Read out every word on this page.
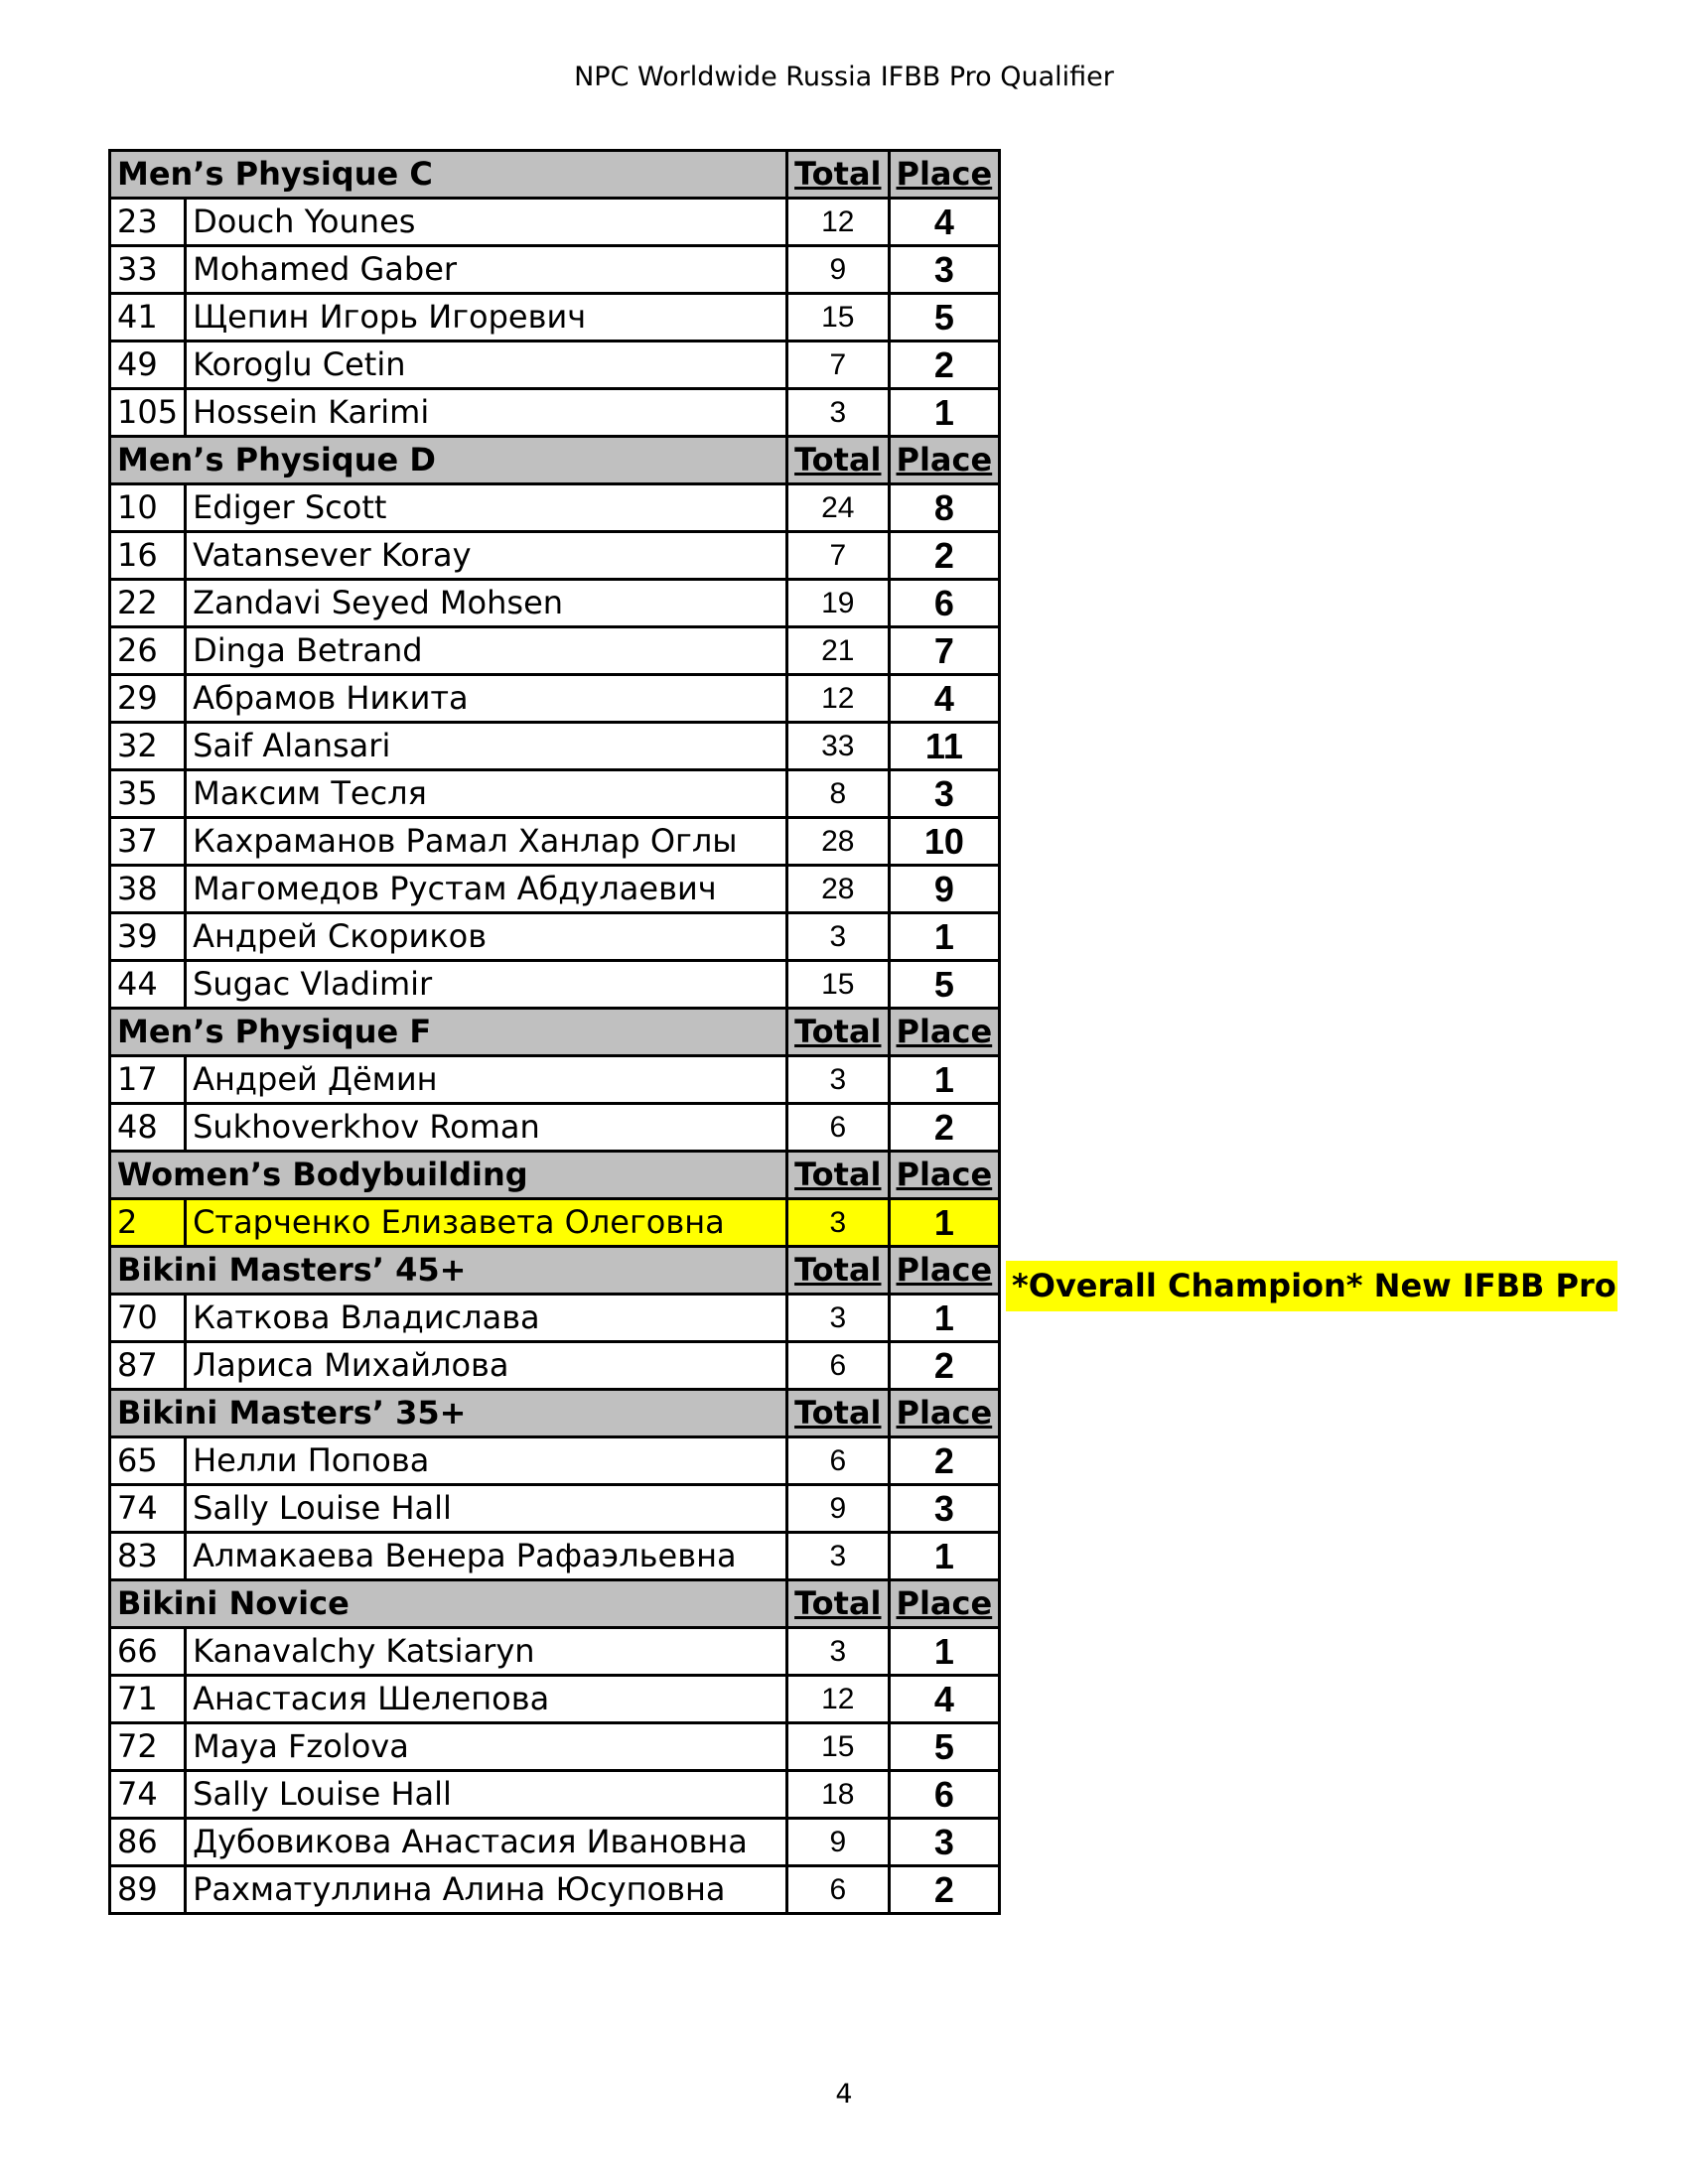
NPC Worldwide Russia IFBB Pro Qualifier
Men’s Physique C		Total	Place
23	Douch Younes	12	4
33	Mohamed Gaber	9	3
41	Щепин Игорь Игоревич	15	5
49	Koroglu Cetin	7	2
105	Hossein Karimi	3	1
Men’s Physique D		Total	Place
10	Ediger Scott	24	8
16	Vatansever Koray	7	2
22	Zandavi Seyed Mohsen	19	6
26	Dinga Betrand	21	7
29	Абрамов Никита	12	4
32	Saif Alansari	33	11
35	Максим Тесля	8	3
37	Кахраманов Рамал Ханлар Оглы	28	10
38	Магомедов Рустам Абдулаевич	28	9
39	Андрей Скориков	3	1
44	Sugac Vladimir	15	5
Men’s Physique F		Total	Place
17	Андрей Дёмин	3	1
48	Sukhoverkhov Roman	6	2
Women’s Bodybuilding		Total	Place
2	Старченко Елизавета Олеговна	3	1
Bikini Masters’ 45+		Total	Place
70	Каткова Владислава	3	1
87	Лариса Михайлова	6	2
Bikini Masters’ 35+		Total	Place
65	Нелли Попова	6	2
74	Sally Louise Hall	9	3
83	Алмакаева Венера Рафаэльевна	3	1
Bikini Novice		Total	Place
66	Kanavalchy Katsiaryn	3	1
71	Анастасия Шелепова	12	4
72	Maya Fzolova	15	5
74	Sally Louise Hall	18	6
86	Дубовикова Анастасия Ивановна	9	3
89	Рахматуллина Алина Юсуповна	6	2
*Overall Champion* New IFBB Pro
4
